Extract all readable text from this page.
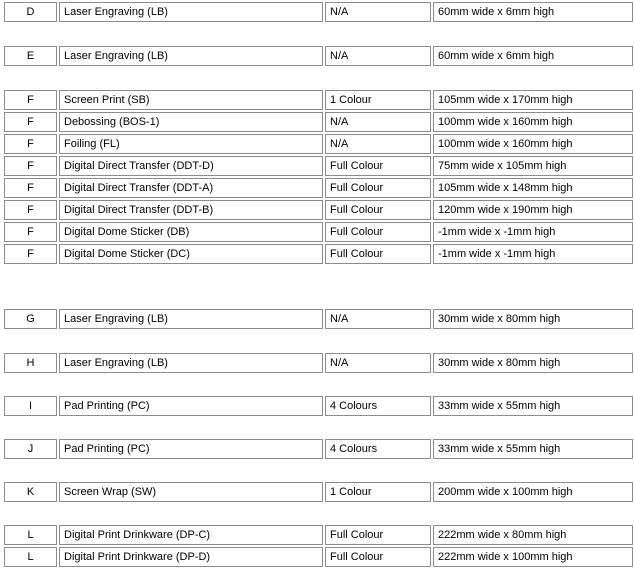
D	Laser Engraving (LB)	N/A	60mm wide x 6mm high
E	Laser Engraving (LB)	N/A	60mm wide x 6mm high
F	Screen Print (SB)	1 Colour	105mm wide x 170mm high
F	Debossing (BOS-1)	N/A	100mm wide x 160mm high
F	Foiling (FL)	N/A	100mm wide x 160mm high
F	Digital Direct Transfer (DDT-D)	Full Colour	75mm wide x 105mm high
F	Digital Direct Transfer (DDT-A)	Full Colour	105mm wide x 148mm high
F	Digital Direct Transfer (DDT-B)	Full Colour	120mm wide x 190mm high
F	Digital Dome Sticker (DB)	Full Colour	-1mm wide x -1mm high
F	Digital Dome Sticker (DC)	Full Colour	-1mm wide x -1mm high
G	Laser Engraving (LB)	N/A	30mm wide x 80mm high
H	Laser Engraving (LB)	N/A	30mm wide x 80mm high
I	Pad Printing (PC)	4 Colours	33mm wide x 55mm high
J	Pad Printing (PC)	4 Colours	33mm wide x 55mm high
K	Screen Wrap (SW)	1 Colour	200mm wide x 100mm high
L	Digital Print Drinkware (DP-C)	Full Colour	222mm wide x 80mm high
L	Digital Print Drinkware (DP-D)	Full Colour	222mm wide x 100mm high
